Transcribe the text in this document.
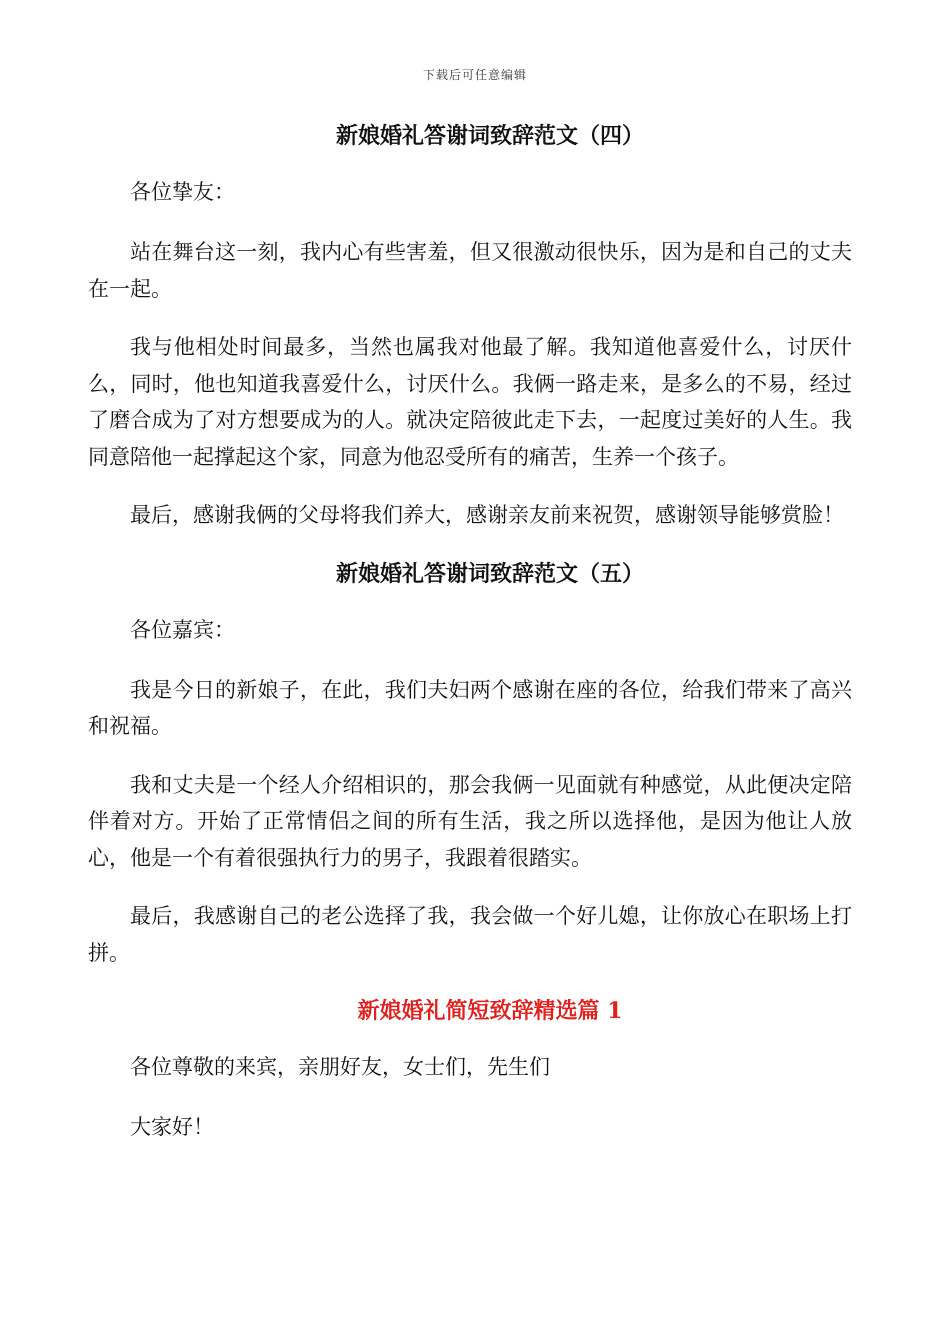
下载后可任意编辑
新娘婚礼答谢词致辞范文（四）

各位挚友：

站在舞台这一刻，我内心有些害羞，但又很激动很快乐，因为是和自己的丈夫在一起。

我与他相处时间最多，当然也属我对他最了解。我知道他喜爱什么，讨厌什么，同时，他也知道我喜爱什么，讨厌什么。我俩一路走来，是多么的不易，经过了磨合成为了对方想要成为的人。就决定陪彼此走下去，一起度过美好的人生。我同意陪他一起撑起这个家，同意为他忍受所有的痛苦，生养一个孩子。

最后，感谢我俩的父母将我们养大，感谢亲友前来祝贺，感谢领导能够赏脸！

新娘婚礼答谢词致辞范文（五）

各位嘉宾：

我是今日的新娘子，在此，我们夫妇两个感谢在座的各位，给我们带来了高兴和祝福。

我和丈夫是一个经人介绍相识的，那会我俩一见面就有种感觉，从此便决定陪伴着对方。开始了正常情侣之间的所有生活，我之所以选择他，是因为他让人放心，他是一个有着很强执行力的男子，我跟着很踏实。

最后，我感谢自己的老公选择了我，我会做一个好儿媳，让你放心在职场上打拼。

新娘婚礼简短致辞精选篇 1

各位尊敬的来宾，亲朋好友，女士们，先生们

大家好！
